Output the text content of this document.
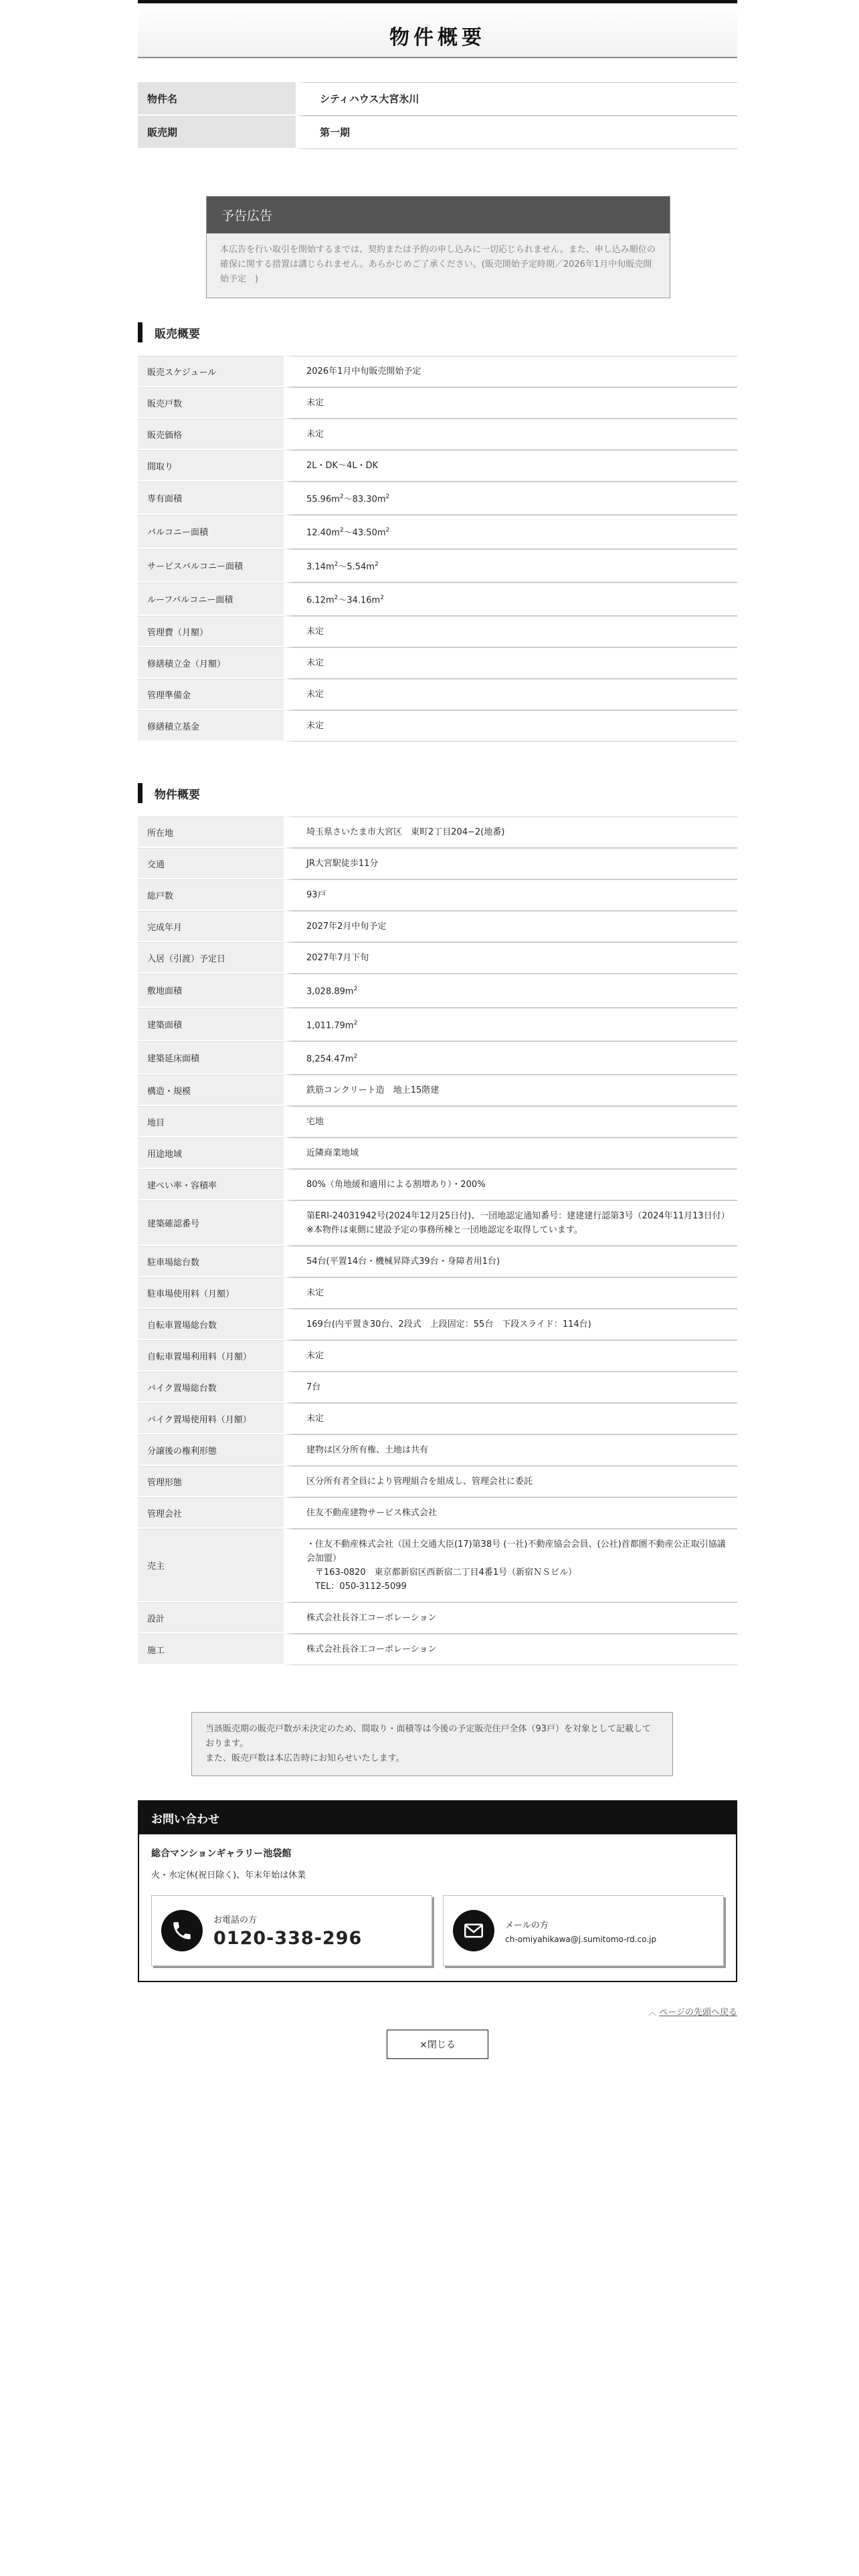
物件概要
物件名	シティハウス大宮氷川
販売期	第一期
予告広告
本広告を行い取引を開始するまでは、契約または予約の申し込みに一切応じられません。また、申し込み順位の確保に関する措置は講じられません。あらかじめご了承ください。(販売開始予定時期／2026年1月中旬販売開始予定　)
販売概要
販売スケジュール	2026年1月中旬販売開始予定
販売戸数	未定
販売価格	未定
間取り	2L・DK～4L・DK
専有面積	$55.96m^2\sim 83.30m^2$
バルコニー面積	$12.40m^2\sim 43.50m^2$
サービスバルコニー面積	$3.14m^2\sim 5.54m^2$
ルーフバルコニー面積	$6.12m^2\sim 34.16m^2$
管理費（月額）	未定
修繕積立金（月額）	未定
管理準備金	未定
修繕積立基金	未定
物件概要
所在地	埼玉県さいたま市大宮区　東町2丁目204−2(地番)
交通	JR大宮駅徒歩11分
総戸数	93戸
完成年月	2027年2月中旬予定
入居（引渡）予定日	2027年7月下旬
敷地面積	$3,028.89m^2$
建築面積	$1,011.79m^2$
建築延床面積	$8,254.47m^2$
構造・規模	鉄筋コンクリート造　地上15階建
地目	宅地
用途地域	近隣商業地域
建ぺい率・容積率	80%（角地緩和適用による割増あり）・200%
建築確認番号	第ERI-24031942号(2024年12月25日付)、一団地認定通知番号：建建建行認第3号（2024年11月13日付）※本物件は東側に建設予定の事務所棟と一団地認定を取得しています。
駐車場総台数	54台(平置14台・機械昇降式39台・身障者用1台)
駐車場使用料（月額）	未定
自転車置場総台数	169台(内平置き30台、2段式　上段固定：55台　下段スライド：114台)
自転車置場利用料（月額）	未定
バイク置場総台数	7台
バイク置場使用料（月額）	未定
分譲後の権利形態	建物は区分所有権、土地は共有
管理形態	区分所有者全員により管理組合を組成し、管理会社に委託
管理会社	住友不動産建物サービス株式会社
売主	・住友不動産株式会社（国土交通大臣(17)第38号 (一社)不動産協会会員、(公社)首都圏不動産公正取引協議会加盟）
　〒163-0820　東京都新宿区西新宿二丁目4番1号（新宿ＮＳビル）
　TEL：050-3112-5099
設計	株式会社長谷工コーポレーション
施工	株式会社長谷工コーポレーション
当該販売期の販売戸数が未決定のため、間取り・面積等は今後の予定販売住戸全体（93戸）を対象として記載しております。
また、販売戸数は本広告時にお知らせいたします。
お問い合わせ
総合マンションギャラリー池袋館
火・水定休(祝日除く)、年末年始は休業
お電話の方
0120-338-296
メールの方
ch-omiyahikawa@j.sumitomo-rd.co.jp
︿ ページの先頭へ戻る
×閉じる
